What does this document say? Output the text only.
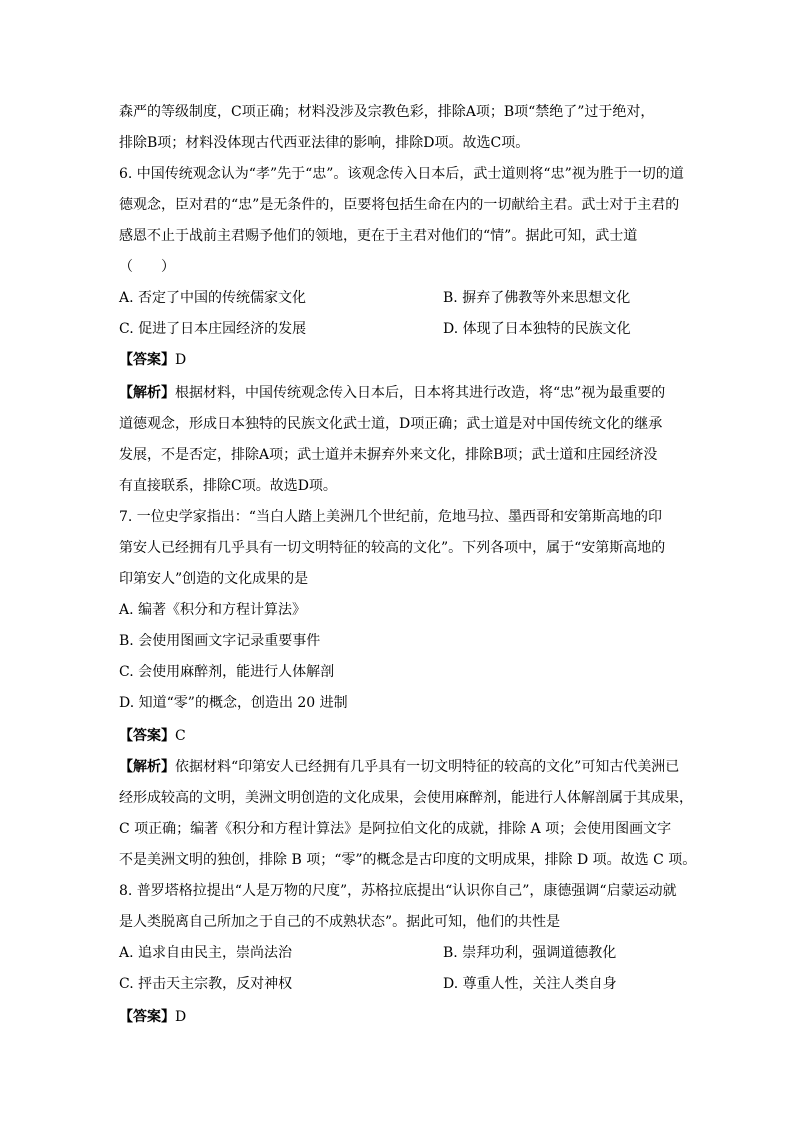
森严的等级制度，C项正确；材料没涉及宗教色彩，排除A项；B项“禁绝了”过于绝对，
排除B项；材料没体现古代西亚法律的影响，排除D项。故选C项。
6. 中国传统观念认为“孝”先于“忠”。该观念传入日本后，武士道则将“忠”视为胜于一切的道
德观念，臣对君的“忠”是无条件的，臣要将包括生命在内的一切献给主君。武士对于主君的
感恩不止于战前主君赐予他们的领地，更在于主君对他们的“情”。据此可知，武士道
（　　）
A. 否定了中国的传统儒家文化	B. 摒弃了佛教等外来思想文化
C. 促进了日本庄园经济的发展	D. 体现了日本独特的民族文化
【答案】D
【解析】根据材料，中国传统观念传入日本后，日本将其进行改造，将“忠”视为最重要的
道德观念，形成日本独特的民族文化武士道，D项正确；武士道是对中国传统文化的继承
发展，不是否定，排除A项；武士道并未摒弃外来文化，排除B项；武士道和庄园经济没
有直接联系，排除C项。故选D项。
7. 一位史学家指出：“当白人踏上美洲几个世纪前，危地马拉、墨西哥和安第斯高地的印
第安人已经拥有几乎具有一切文明特征的较高的文化”。下列各项中，属于“安第斯高地的
印第安人”创造的文化成果的是
A. 编著《积分和方程计算法》
B. 会使用图画文字记录重要事件
C. 会使用麻醉剂，能进行人体解剖
D. 知道“零”的概念，创造出 20 进制
【答案】C
【解析】依据材料“印第安人已经拥有几乎具有一切文明特征的较高的文化”可知古代美洲已
经形成较高的文明，美洲文明创造的文化成果，会使用麻醉剂，能进行人体解剖属于其成果，
C 项正确；编著《积分和方程计算法》是阿拉伯文化的成就，排除 A 项；会使用图画文字
不是美洲文明的独创，排除 B 项；“零”的概念是古印度的文明成果，排除 D 项。故选 C 项。
8. 普罗塔格拉提出“人是万物的尺度”，苏格拉底提出“认识你自己”，康德强调“启蒙运动就
是人类脱离自己所加之于自己的不成熟状态”。据此可知，他们的共性是
A. 追求自由民主，崇尚法治	B. 崇拜功利，强调道德教化
C. 抨击天主宗教，反对神权	D. 尊重人性，关注人类自身
【答案】D
